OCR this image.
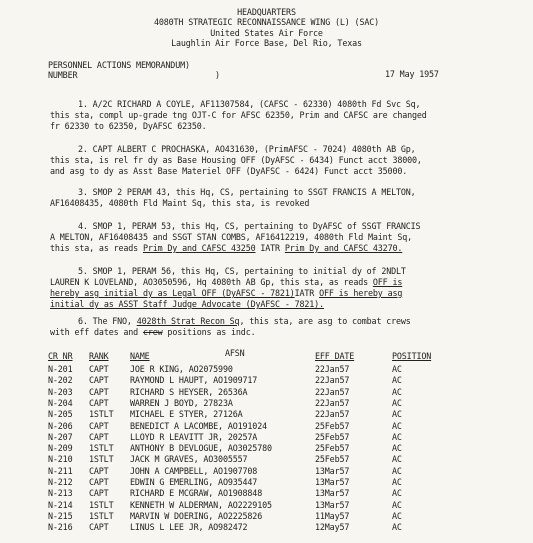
HEADQUARTERS
4080TH STRATEGIC RECONNAISSANCE WING (L) (SAC)
United States Air Force
Laughlin Air Force Base, Del Rio, Texas
PERSONNEL ACTIONS MEMORANDUM)
NUMBER	)	17 May 1957
1. A/2C RICHARD A COYLE, AF11307584, (CAFSC - 62330) 4080th Fd Svc Sq,
this sta, compl up-grade tng OJT-C for AFSC 62350, Prim and CAFSC are changed
fr 62330 to 62350, DyAFSC 62350.
2. CAPT ALBERT C PROCHASKA, AO431630, (PrimAFSC - 7024) 4080th AB Gp,
this sta, is rel fr dy as Base Housing OFF (DyAFSC - 6434) Funct acct 38000,
and asg to dy as Asst Base Materiel OFF (DyAFSC - 6424) Funct acct 35000.
3. SMOP 2 PERAM 43, this Hq, CS, pertaining to SSGT FRANCIS A MELTON,
AF16408435, 4080th Fld Maint Sq, this sta, is revoked
4. SMOP 1, PERAM 53, this Hq, CS, pertaining to DyAFSC of SSGT FRANCIS
A MELTON, AF16408435 and SSGT STAN COMBS, AF16412219, 4080th Fld Maint Sq,
this sta, as reads Prim Dy and CAFSC 43250 IATR Prim Dy and CAFSC 43270.
5. SMOP 1, PERAM 56, this Hq, CS, pertaining to initial dy of 2NDLT
LAUREN K LOVELAND, AO3050596, Hq 4080th AB Gp, this sta, as reads OFF is
hereby asg initial dy as Legal OFF (DyAFSC - 7821)IATR OFF is hereby asg
initial dy as ASST Staff Judge Advocate (DyAFSC - 7821).
6. The FNO, 4028th Strat Recon Sq, this sta, are asg to combat crews
with eff dates and crew positions as indc.
CR NR RANK	NAME	AFSN	EFF DATE	POSITION
N-201 CAPT	JOE R KING, AO2075990	22Jan57	AC
N-202 CAPT	RAYMOND L HAUPT, AO1909717	22Jan57	AC
N-203 CAPT	RICHARD S HEYSER, 26536A	22Jan57	AC
N-204 CAPT	WARREN J BOYD, 27823A	22Jan57	AC
N-205 1STLT MICHAEL E STYER, 27126A	22Jan57	AC
N-206 CAPT	BENEDICT A LACOMBE, AO191024	25Feb57	AC
N-207 CAPT	LLOYD R LEAVITT JR, 20257A	25Feb57	AC
N-209 1STLT ANTHONY B DEVLOGUE, AO3025780	25Feb57	AC
N-210 1STLT JACK M GRAVES, AO3005557	25Feb57	AC
N-211 CAPT	JOHN A CAMPBELL, AO1907708	13Mar57	AC
N-212 CAPT	EDWIN G EMERLING, AO935447	13Mar57	AC
N-213 CAPT	RICHARD E MCGRAW, AO1908848	13Mar57	AC
N-214 1STLT KENNETH W ALDERMAN, AO2229105	13Mar57	AC
N-215 1STLT MARVIN W DOERING, AO2225826	11May57	AC
N-216 CAPT	LINUS L LEE JR, AO982472	12May57	AC
